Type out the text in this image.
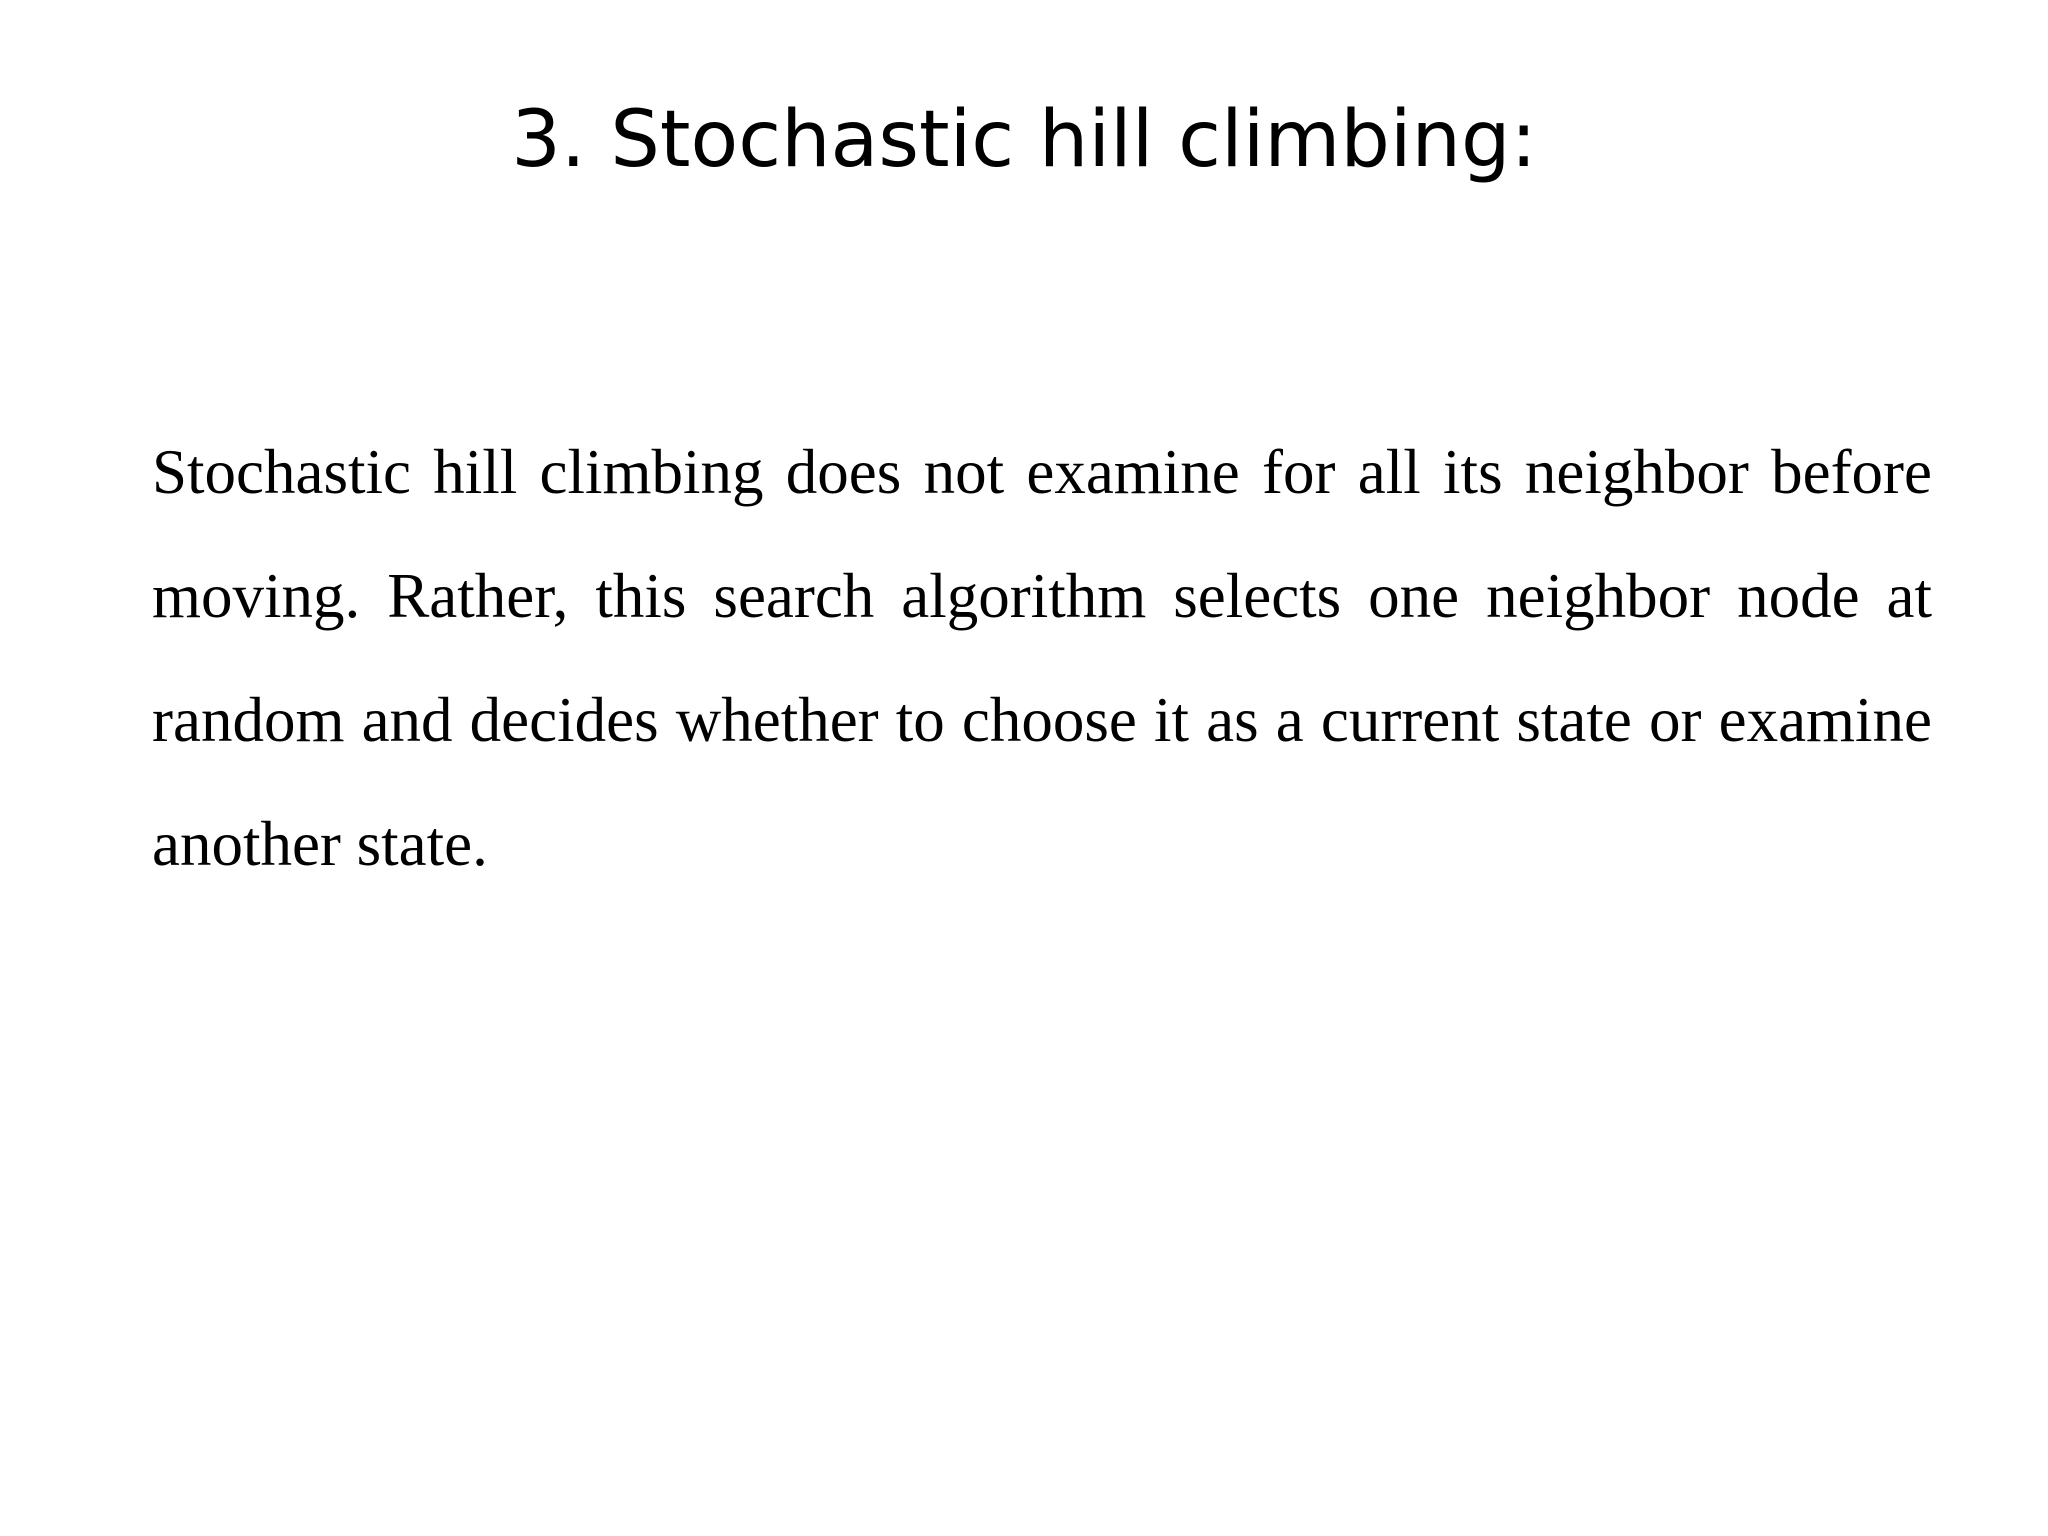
3. Stochastic hill climbing:

Stochastic hill climbing does not examine for all its neighbor before moving. Rather, this search algorithm selects one neighbor node at random and decides whether to choose it as a current state or examine another state.
